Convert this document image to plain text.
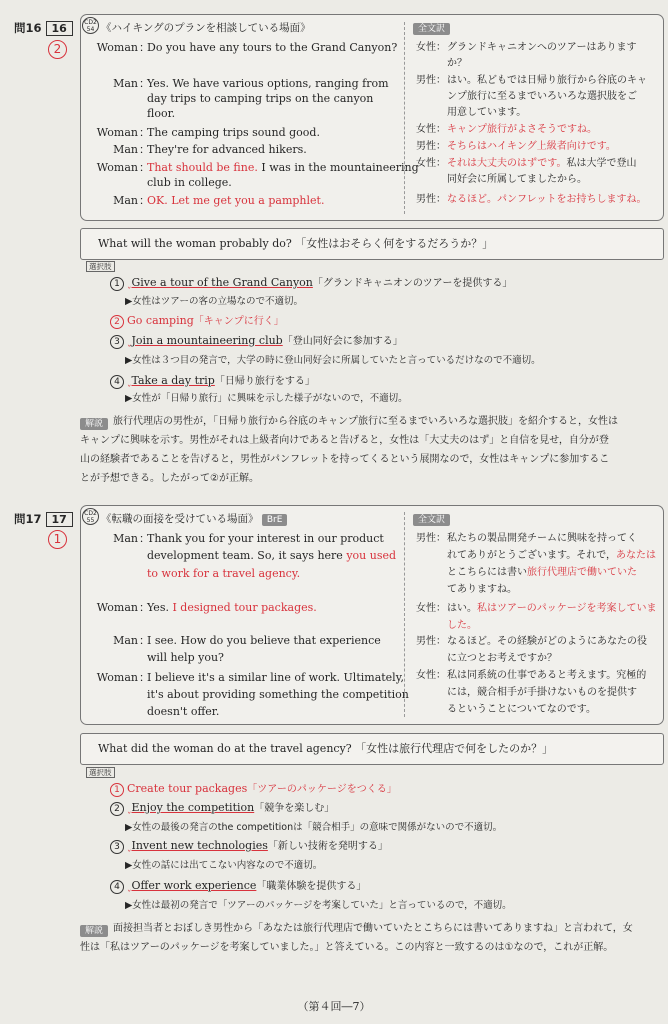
問16 16
2
CD2
54 《ハイキングのプランを相談している場面》	全文訳
Woman ：
Do you have any tours to the Grand Canyon?
Man ：
Yes. We have various options, ranging from
day trips to camping trips on the canyon
floor.
Woman ：
The camping trips sound good.
Man ：
They're for advanced hikers.
Woman ：
That should be fine. I was in the mountaineering
club in college.
Man ：
OK. Let me get you a pamphlet.
女性： グランドキャニオンへのツアーはあります
か？
男性： はい。私どもでは日帰り旅行から谷底のキャ
ンプ旅行に至るまでいろいろな選択肢をご
用意しています。
女性： キャンプ旅行がよさそうですね。
男性： そちらはハイキング上級者向けです。
女性： それは大丈夫のはずです。私は大学で登山
同好会に所属してましたから。
男性： なるほど。パンフレットをお持ちしますね。
What will the woman probably do? 「女性はおそらく何をするだろうか？」
選択肢
1 ˯Give a tour of the Grand Canyon「グランドキャニオンのツアーを提供する」
▶女性はツアーの客の立場なので不適切。
2 Go camping「キャンプに行く」
3 ˯Join a mountaineering club「登山同好会に参加する」
▶女性は３つ目の発言で，大学の時に登山同好会に所属していたと言っているだけなので不適切。
4 ˯Take a day trip「日帰り旅行をする」
▶女性が「日帰り旅行」に興味を示した様子がないので，不適切。
解説 旅行代理店の男性が，「日帰り旅行から谷底のキャンプ旅行に至るまでいろいろな選択肢」を紹介すると，女性は
キャンプに興味を示す。男性がそれは上級者向けであると告げると，女性は「大丈夫のはず」と自信を見せ，自分が登
山の経験者であることを告げると，男性がパンフレットを持ってくるという展開なので，女性はキャンプに参加するこ
とが予想できる。したがって②が正解。
問17 17
1
CD2
55 《転職の面接を受けている場面》 BrE	全文訳
Man ：
Thank you for your interest in our product
development team. So, it says here you used
to work for a travel agency.
Woman ：
Yes. I designed tour packages.
Man ：
I see. How do you believe that experience
will help you?
Woman ：
I believe it's a similar line of work. Ultimately,
it's about providing something the competition
doesn't offer.
男性： 私たちの製品開発チームに興味を持ってく
れてありがとうございます。それで，あなたは
とこちらには書い旅行代理店で働いていた
てありますね。
女性： はい。私はツアーのパッケージを考案していま
した。
男性： なるほど。その経験がどのようにあなたの役
に立つとお考えですか？
女性： 私は同系統の仕事であると考えます。究極的
には，競合相手が手掛けないものを提供す
るということについてなのです。
What did the woman do at the travel agency? 「女性は旅行代理店で何をしたのか？」
選択肢
1 Create tour packages「ツアーのパッケージをつくる」
2 ˯Enjoy the competition「競争を楽しむ」
▶女性の最後の発言のthe competitionは「競合相手」の意味で関係がないので不適切。
3 ˯Invent new technologies「新しい技術を発明する」
▶女性の話には出てこない内容なので不適切。
4 ˯Offer work experience「職業体験を提供する」
▶女性は最初の発言で「ツアーのパッケージを考案していた」と言っているので，不適切。
解説 面接担当者とおぼしき男性から「あなたは旅行代理店で働いていたとこちらには書いてありますね」と言われて，女
性は「私はツアーのパッケージを考案していました。」と答えている。この内容と一致するのは①なので，これが正解。
（第４回―7）
